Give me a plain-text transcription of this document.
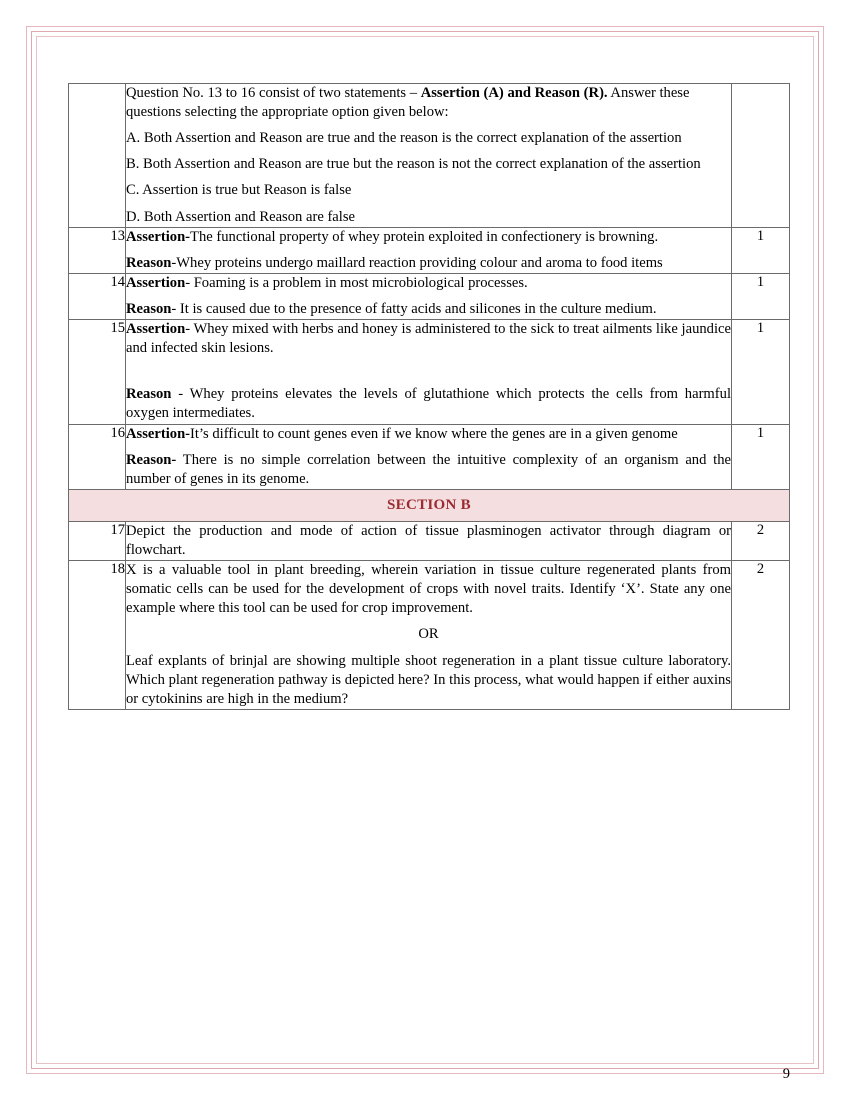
	Question No. 13 to 16 consist of two statements – Assertion (A) and Reason (R). Answer these questions selecting the appropriate option given below:

A. Both Assertion and Reason are true and the reason is the correct explanation of the assertion

B. Both Assertion and Reason are true but the reason is not the correct explanation of the assertion

C. Assertion is true but Reason is false

D. Both Assertion and Reason are false	

13	Assertion-The functional property of whey protein exploited in confectionery is browning.

Reason-Whey proteins undergo maillard reaction providing colour and aroma to food items	1
14	Assertion- Foaming is a problem in most microbiological processes.

Reason- It is caused due to the presence of fatty acids and silicones in the culture medium.	1
15	Assertion- Whey mixed with herbs and honey is administered to the sick to treat ailments like jaundice and infected skin lesions.

Reason - Whey proteins elevates the levels of glutathione which protects the cells from harmful oxygen intermediates.	1
16	Assertion-It’s difficult to count genes even if we know where the genes are in a given genome

Reason- There is no simple correlation between the intuitive complexity of an organism and the number of genes in its genome.	1
SECTION B		
17	Depict the production and mode of action of tissue plasminogen activator through diagram or flowchart.	2
18	X is a valuable tool in plant breeding, wherein variation in tissue culture regenerated plants from somatic cells can be used for the development of crops with novel traits. Identify ‘X’. State any one example where this tool can be used for crop improvement.

OR

Leaf explants of brinjal are showing multiple shoot regeneration in a plant tissue culture laboratory. Which plant regeneration pathway is depicted here? In this process, what would happen if either auxins or cytokinins are high in the medium?	2
9
